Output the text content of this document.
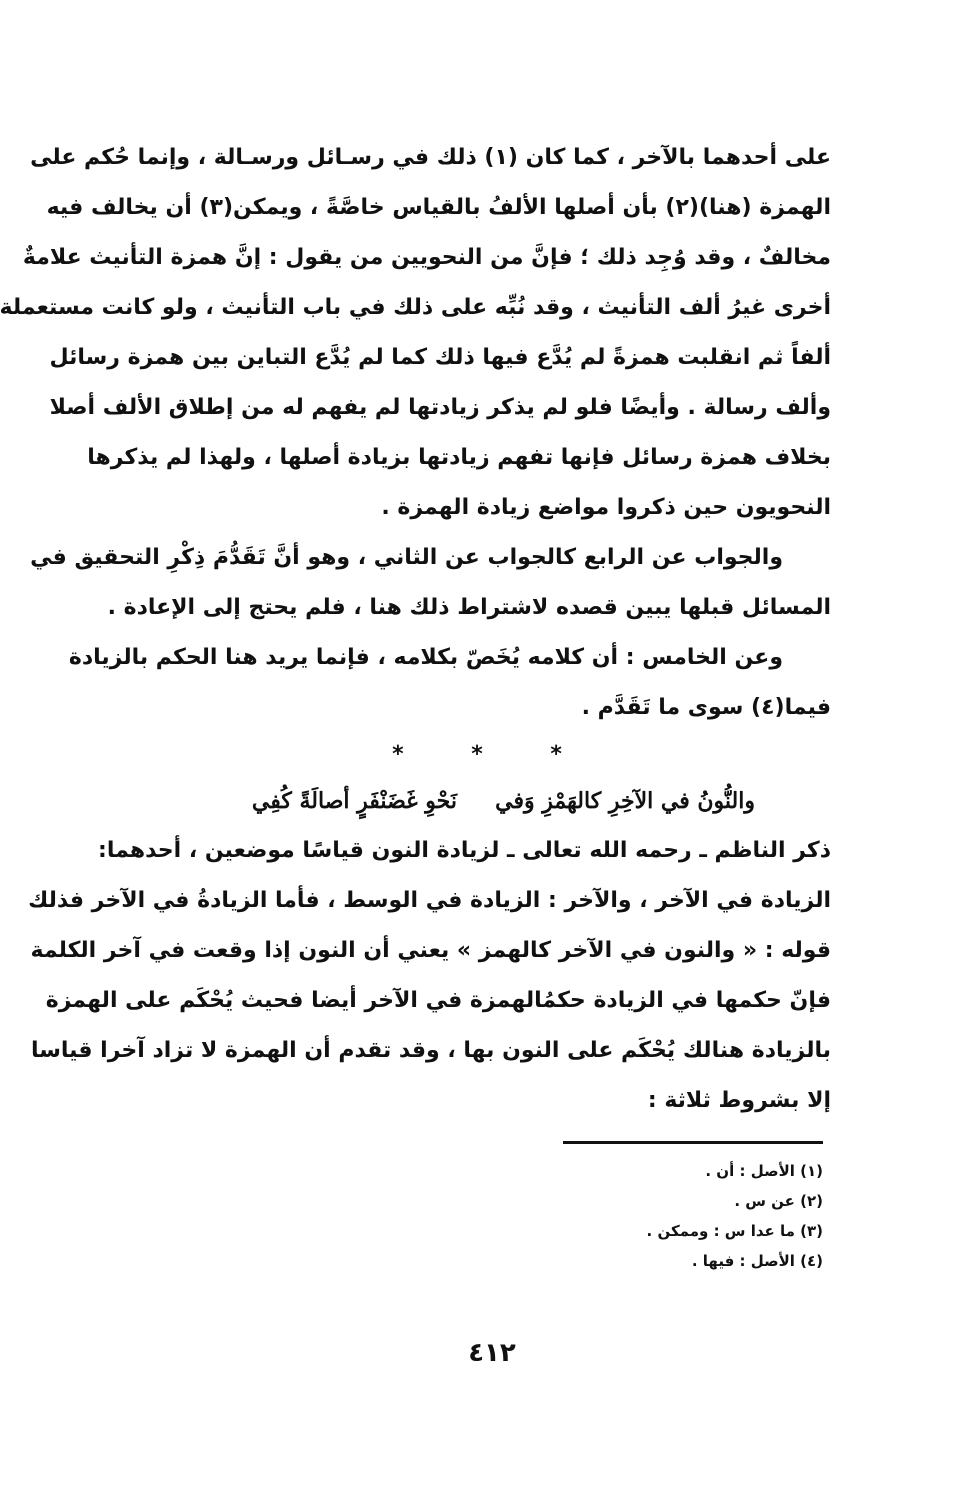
على أحدهما بالآخر ، كما كان (١) ذلك في رسـائل ورسـالة ، وإنما حُكم على
الهمزة (هنا)(٢) بأن أصلها الألفُ بالقياس خاصَّةً ، ويمكن(٣) أن يخالف فيه
مخالفٌ ، وقد وُجِد ذلك ؛ فإنَّ من النحويين من يقول : إنَّ همزة التأنيث علامةٌ
أخرى غيرُ ألف التأنيث ، وقد نُبِّه على ذلك في باب التأنيث ، ولو كانت مستعملة
ألفاً ثم انقلبت همزةً لم يُدَّع فيها ذلك كما لم يُدَّع التباين بين همزة رسائل
وألف رسالة . وأيضًا فلو لم يذكر زيادتها لم يفهم له من إطلاق الألف أصلا
بخلاف همزة رسائل فإنها تفهم زيادتها بزيادة أصلها ، ولهذا لم يذكرها
النحويون حين ذكروا مواضع زيادة الهمزة .
والجواب عن الرابع كالجواب عن الثاني ، وهو أنَّ تَقَدُّمَ ذِكْرِ التحقيق في
المسائل قبلها يبين قصده لاشتراط ذلك هنا ، فلم يحتج إلى الإعادة .
وعن الخامس : أن كلامه يُخَصّ بكلامه ، فإنما يريد هنا الحكم بالزيادة
فيما(٤) سوى ما تَقَدَّم .
ذكر الناظم ـ رحمه الله تعالى ـ لزيادة النون قياسًا موضعين ، أحدهما:
الزيادة في الآخر ، والآخر : الزيادة في الوسط ، فأما الزيادةُ في الآخر فذلك
قوله : « والنون في الآخر كالهمز » يعني أن النون إذا وقعت في آخر الكلمة
فإنّ حكمها في الزيادة حكمُالهمزة في الآخر أيضا فحيث يُحْكَم على الهمزة
بالزيادة هنالك يُحْكَم على النون بها ، وقد تقدم أن الهمزة لا تزاد آخرا قياسا
إلا بشروط ثلاثة :
* * *
والنُّونُ في الآخِرِ كالهَمْزِ وَفي
نَحْوِ غَضَنْفَرٍ أصالَةً كُفِي
(١) الأصل : أن .
(٢) عن س .
(٣) ما عدا س : وممكن .
(٤) الأصل : فيها .
٤١٢
